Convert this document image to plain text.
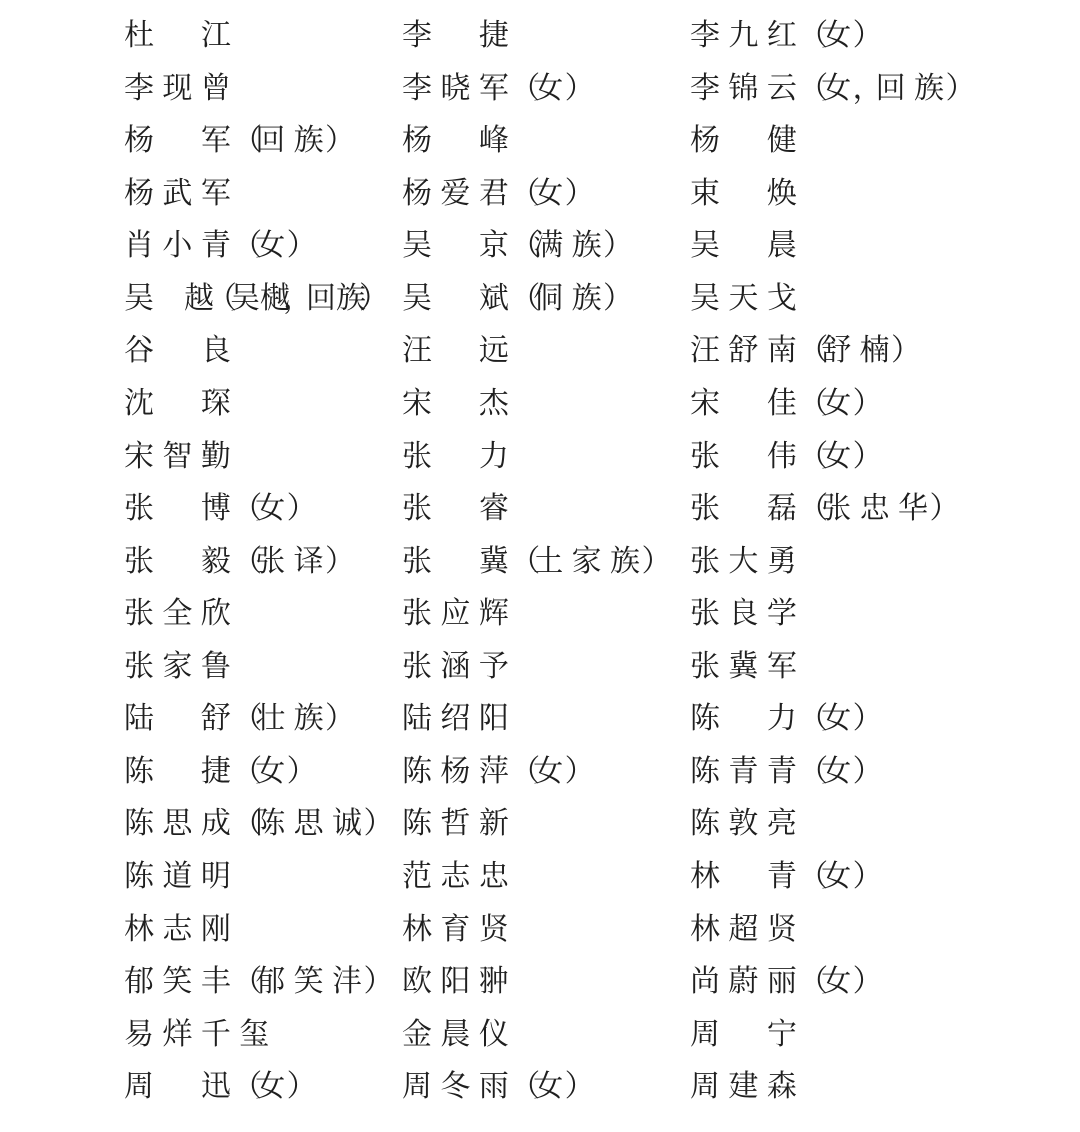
杜　 江	李　 捷	李九红（女）
李现曾	李晓军（女）	李锦云（女，回族）
杨　 军（回族）	杨　 峰	杨　 健
杨武军	杨爱君（女）	束　 焕
肖小青（女）	吴　 京（满族）	吴　 晨
吴　 越（吴樾，回族） 吴　 斌（侗族）	吴天戈
谷　 良	汪　 远	汪舒南（舒楠）
沈　 琛	宋　 杰	宋　 佳（女）
宋智勤	张　 力	张　 伟（女）
张　 博（女）	张　 睿	张　 磊（张忠华）
张　 毅（张译）	张　 冀（土家族） 张大勇
张全欣	张应辉	张良学
张家鲁	张涵予	张冀军
陆　 舒（壮族）	陆绍阳	陈　 力（女）
陈　 捷（女）	陈杨萍（女）	陈青青（女）
陈思成（陈思诚） 陈哲新	陈敦亮
陈道明	范志忠	林　 青（女）
林志刚	林育贤	林超贤
郁笑丰（郁笑沣） 欧阳翀	尚蔚丽（女）
易烊千玺	金晨仪	周　 宁
周　 迅（女）	周冬雨（女）	周建森
